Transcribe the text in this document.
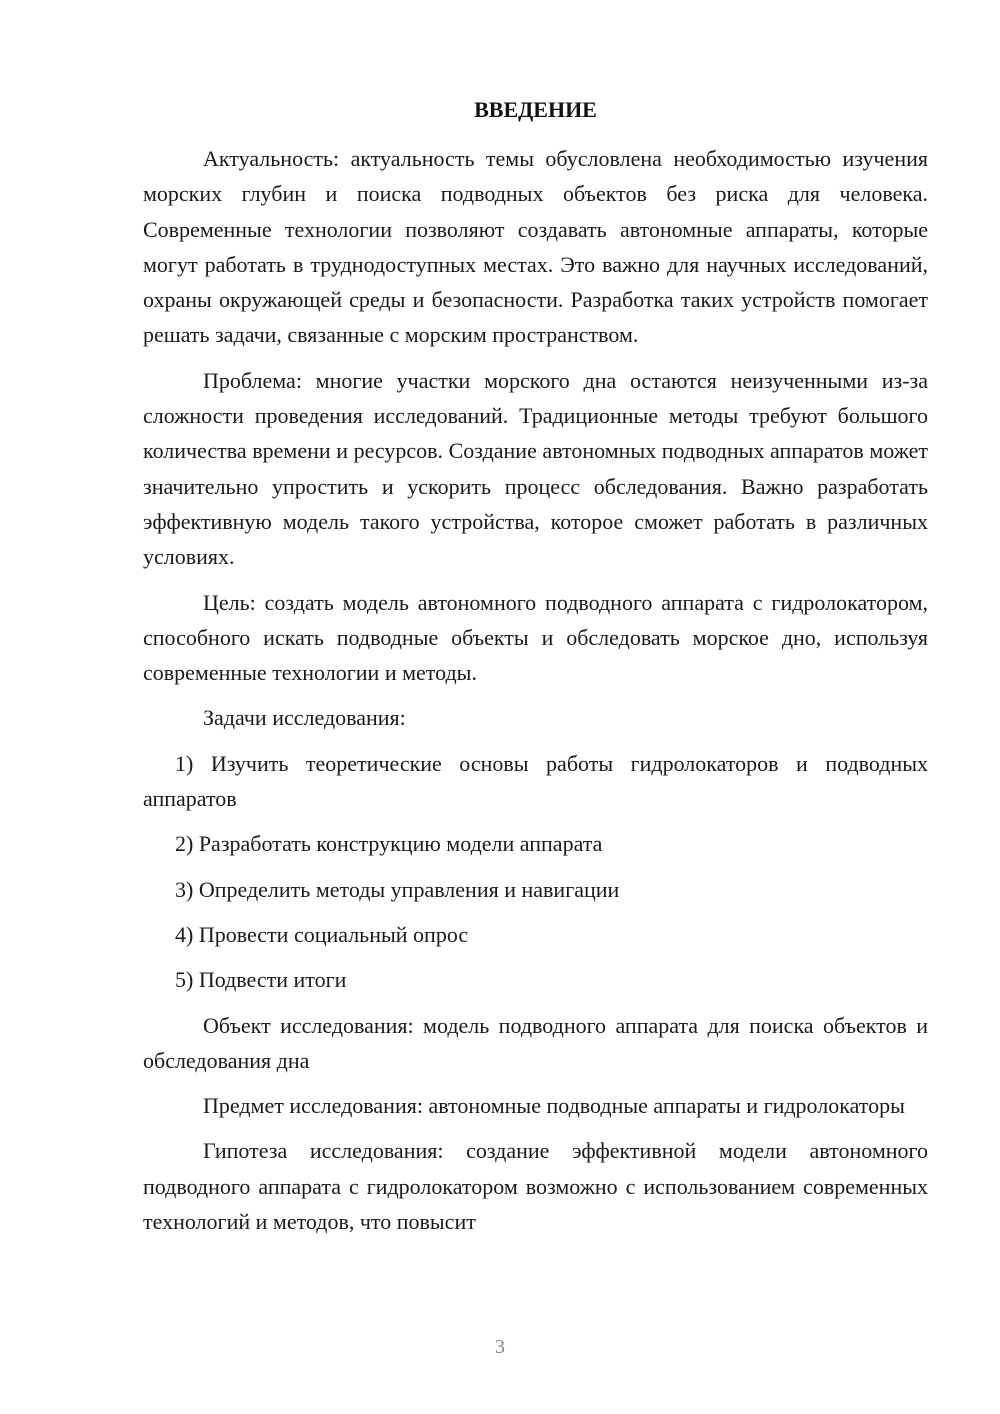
ВВЕДЕНИЕ

Актуальность: актуальность темы обусловлена необходимостью изучения морских глубин и поиска подводных объектов без риска для человека. Современные технологии позволяют создавать автономные аппараты, которые могут работать в труднодоступных местах. Это важно для научных исследований, охраны окружающей среды и безопасности. Разработка таких устройств помогает решать задачи, связанные с морским пространством.

Проблема: многие участки морского дна остаются неизученными из-за сложности проведения исследований. Традиционные методы требуют большого количества времени и ресурсов. Создание автономных подводных аппаратов может значительно упростить и ускорить процесс обследования. Важно разработать эффективную модель такого устройства, которое сможет работать в различных условиях.

Цель: создать модель автономного подводного аппарата с гидролокатором, способного искать подводные объекты и обследовать морское дно, используя современные технологии и методы.

Задачи исследования:

1) Изучить теоретические основы работы гидролокаторов и подводных аппаратов

2) Разработать конструкцию модели аппарата

3) Определить методы управления и навигации

4) Провести социальный опрос

5) Подвести итоги

Объект исследования: модель подводного аппарата для поиска объектов и обследования дна

Предмет исследования: автономные подводные аппараты и гидролокаторы

Гипотеза исследования: создание эффективной модели автономного подводного аппарата с гидролокатором возможно с использованием современных технологий и методов, что повысит

3
